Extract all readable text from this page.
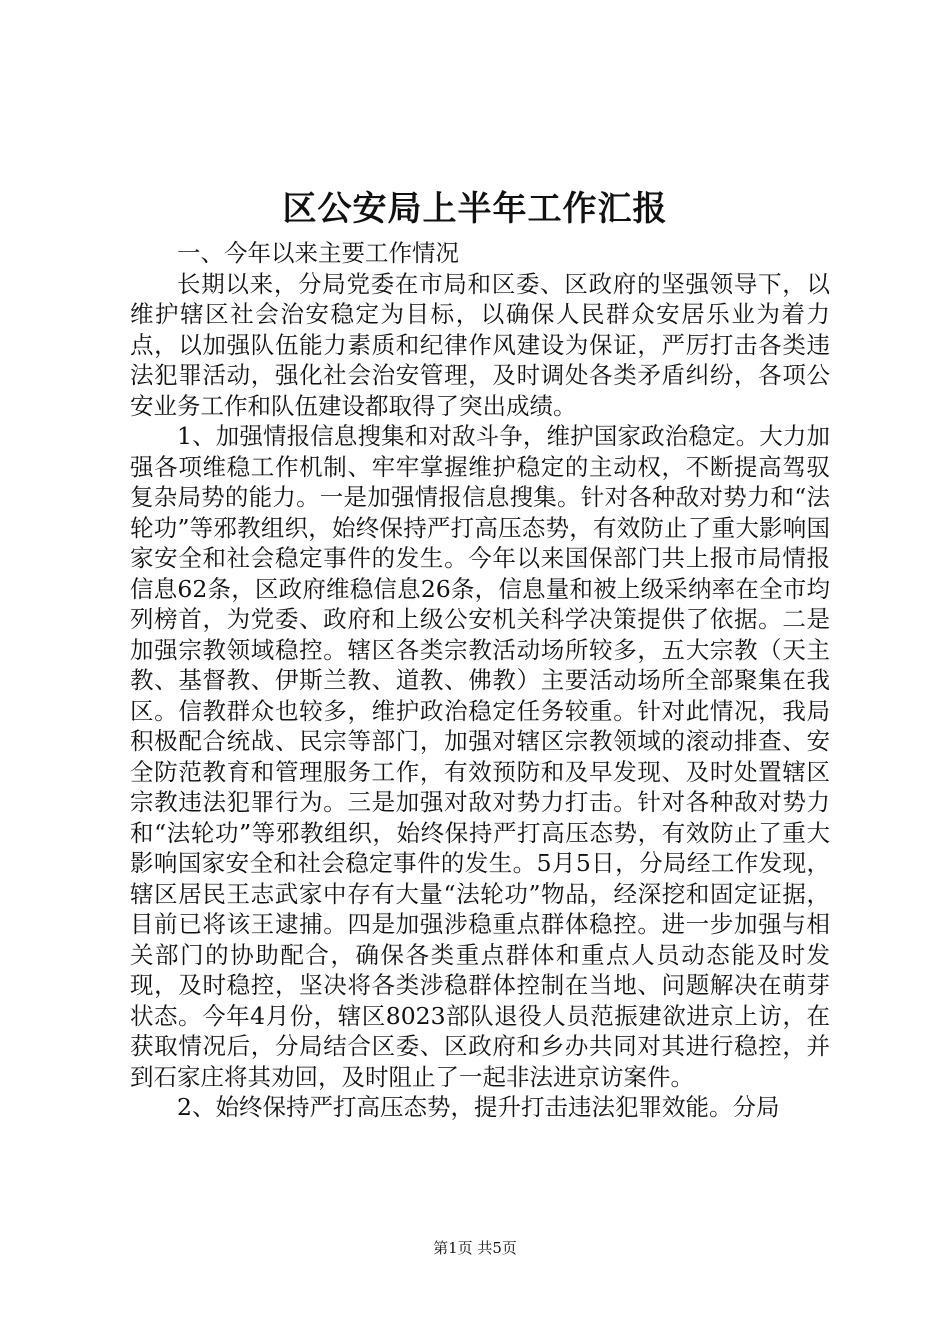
区公安局上半年工作汇报

一、今年以来主要工作情况

长期以来，分局党委在市局和区委、区政府的坚强领导下，以维护辖区社会治安稳定为目标，以确保人民群众安居乐业为着力点，以加强队伍能力素质和纪律作风建设为保证，严厉打击各类违法犯罪活动，强化社会治安管理，及时调处各类矛盾纠纷，各项公安业务工作和队伍建设都取得了突出成绩。

1、加强情报信息搜集和对敌斗争，维护国家政治稳定。大力加强各项维稳工作机制、牢牢掌握维护稳定的主动权，不断提高驾驭复杂局势的能力。一是加强情报信息搜集。针对各种敌对势力和“法轮功”等邪教组织，始终保持严打高压态势，有效防止了重大影响国家安全和社会稳定事件的发生。今年以来国保部门共上报市局情报信息62条，区政府维稳信息26条，信息量和被上级采纳率在全市均列榜首，为党委、政府和上级公安机关科学决策提供了依据。二是加强宗教领域稳控。辖区各类宗教活动场所较多，五大宗教（天主教、基督教、伊斯兰教、道教、佛教）主要活动场所全部聚集在我区。信教群众也较多，维护政治稳定任务较重。针对此情况，我局积极配合统战、民宗等部门，加强对辖区宗教领域的滚动排查、安全防范教育和管理服务工作，有效预防和及早发现、及时处置辖区宗教违法犯罪行为。三是加强对敌对势力打击。针对各种敌对势力和“法轮功”等邪教组织，始终保持严打高压态势，有效防止了重大影响国家安全和社会稳定事件的发生。5月5日，分局经工作发现，辖区居民王志武家中存有大量“法轮功”物品，经深挖和固定证据，目前已将该王逮捕。四是加强涉稳重点群体稳控。进一步加强与相关部门的协助配合，确保各类重点群体和重点人员动态能及时发现，及时稳控，坚决将各类涉稳群体控制在当地、问题解决在萌芽状态。今年4月份，辖区8023部队退役人员范振建欲进京上访，在获取情况后，分局结合区委、区政府和乡办共同对其进行稳控，并到石家庄将其劝回，及时阻止了一起非法进京访案件。

2、始终保持严打高压态势，提升打击违法犯罪效能。分局

第1页 共5页
